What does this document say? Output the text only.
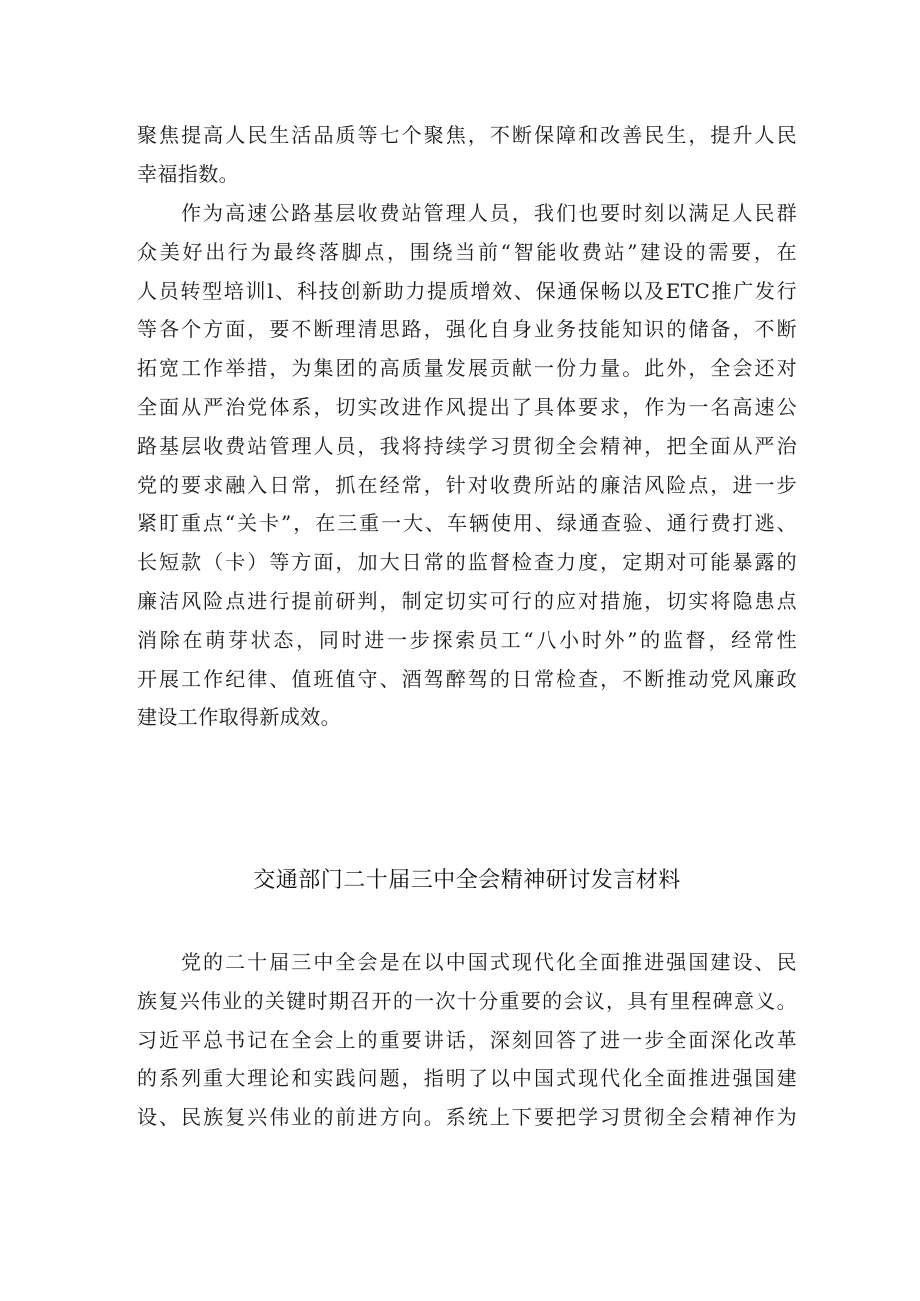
聚焦提高人民生活品质等七个聚焦，不断保障和改善民生，提升人民
幸福指数。
作为高速公路基层收费站管理人员，我们也要时刻以满足人民群
众美好出行为最终落脚点，围绕当前“智能收费站”建设的需要，在
人员转型培训l、科技创新助力提质增效、保通保畅以及ETC推广发行
等各个方面，要不断理清思路，强化自身业务技能知识的储备，不断
拓宽工作举措，为集团的高质量发展贡献一份力量。此外，全会还对
全面从严治党体系，切实改进作风提出了具体要求，作为一名高速公
路基层收费站管理人员，我将持续学习贯彻全会精神，把全面从严治
党的要求融入日常，抓在经常，针对收费所站的廉洁风险点，进一步
紧盯重点“关卡”，在三重一大、车辆使用、绿通查验、通行费打逃、
长短款（卡）等方面，加大日常的监督检查力度，定期对可能暴露的
廉洁风险点进行提前研判，制定切实可行的应对措施，切实将隐患点
消除在萌芽状态，同时进一步探索员工“八小时外”的监督，经常性
开展工作纪律、值班值守、酒驾醉驾的日常检查，不断推动党风廉政
建设工作取得新成效。
交通部门二十届三中全会精神研讨发言材料
党的二十届三中全会是在以中国式现代化全面推进强国建设、民
族复兴伟业的关键时期召开的一次十分重要的会议，具有里程碑意义。
习近平总书记在全会上的重要讲话，深刻回答了进一步全面深化改革
的系列重大理论和实践问题，指明了以中国式现代化全面推进强国建
设、民族复兴伟业的前进方向。系统上下要把学习贯彻全会精神作为
